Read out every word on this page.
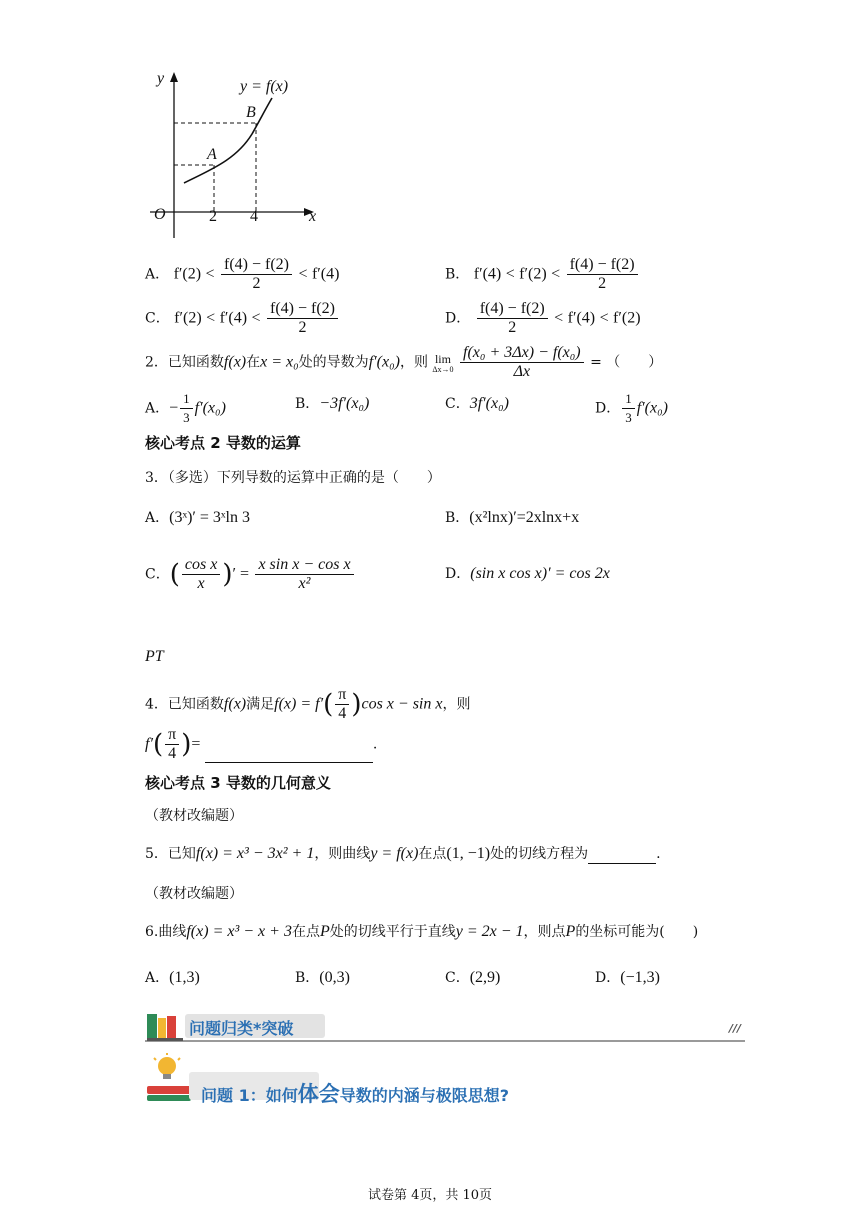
y
x
O
y = f(x)
A
B
2 4
A． $f'(2) < \frac{f(4) - f(2)}{2} < f'(4)$	B． $f'(4) < f'(2) < \frac{f(4) - f(2)}{2}$
C． $f'(2) < f'(4) < \frac{f(4) - f(2)}{2}$	D． $\frac{f(4) - f(2)}{2} < f'(4) < f'(2)$
2．已知函数f(x)在x = x₀处的导数为f′(x₀)，则 lim
Δx→0
$\frac{\text{f(x₀ + 3Δx) − f(x₀)}}{\Delta x}$ = （　　）
A．− $\frac{1}{3} f'(x_0)$	B．−3f′(x₀)	C．3f′(x₀)	D． $\frac{1}{3} f'(x_0)$
核心考点 2 导数的运算
3．（多选）下列导数的运算中正确的是（　　）
A．(3ˣ)′ = 3ˣln 3	B．(x²lnx)′=2xlnx+x
C．( $\frac{\text{cos x}}{x}$ )′ = $\frac{\text{x sin x − cos x}}{\text{x²}}$	D．(sin x cos x)′ = cos 2x
PT
4．已知函数f(x)满足$f(x) = f'( \frac{\pi}{4} )\cos$ x − sin x，则
$f'( \frac{\pi}{4}$ )=	.
核心考点 3 导数的几何意义
（教材改编题）
5．已知f(x) = x³ − 3x² + 1，则曲线y = f(x)在点(1, −1)处的切线方程为	.
（教材改编题）
6.曲线f(x) = x³ − x + 3在点P处的切线平行于直线y = 2x − 1，则点P的坐标可能为(　　)
A．(1,3)	B．(0,3)	C．(2,9)	D．(−1,3)
问题归类*突破	///
问题 1：如何体会导数的内涵与极限思想?
试卷第 4页，共 10页
